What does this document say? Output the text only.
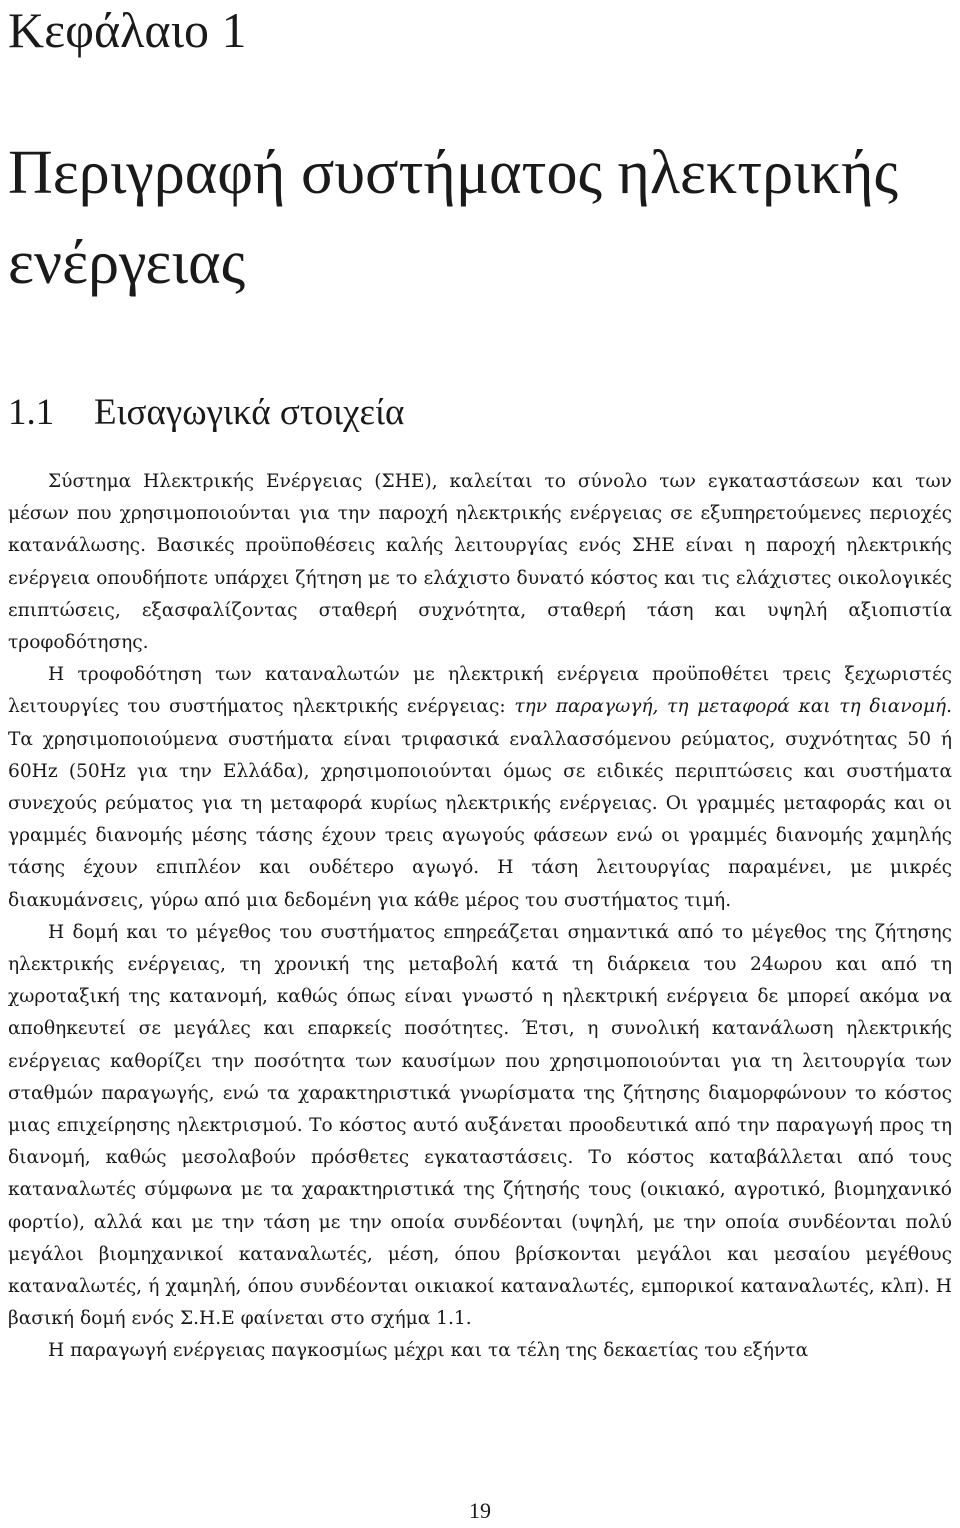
Κεφάλαιο 1
Περιγραφή συστήματος ηλεκτρικής ενέργειας
1.1 Εισαγωγικά στοιχεία

Σύστημα Ηλεκτρικής Ενέργειας (ΣΗΕ), καλείται το σύνολο των εγκαταστάσεων και των μέσων που χρησιμοποιούνται για την παροχή ηλεκτρικής ενέργειας σε εξυπηρετούμενες περιοχές κατανάλωσης. Βασικές προϋποθέσεις καλής λειτουργίας ενός ΣΗΕ είναι η παροχή ηλεκτρικής ενέργεια οπουδήποτε υπάρχει ζήτηση με το ελάχιστο δυνατό κόστος και τις ελάχιστες οικολογικές επιπτώσεις, εξασφαλίζοντας σταθερή συχνότητα, σταθερή τάση και υψηλή αξιοπιστία τροφοδότησης.

Η τροφοδότηση των καταναλωτών με ηλεκτρική ενέργεια προϋποθέτει τρεις ξεχωριστές λειτουργίες του συστήματος ηλεκτρικής ενέργειας: την παραγωγή, τη μεταφορά και τη διανομή. Τα χρησιμοποιούμενα συστήματα είναι τριφασικά εναλλασσόμενου ρεύματος, συχνότητας 50 ή 60Hz (50Hz για την Ελλάδα), χρησιμοποιούνται όμως σε ειδικές περιπτώσεις και συστήματα συνεχούς ρεύματος για τη μεταφορά κυρίως ηλεκτρικής ενέργειας. Οι γραμμές μεταφοράς και οι γραμμές διανομής μέσης τάσης έχουν τρεις αγωγούς φάσεων ενώ οι γραμμές διανομής χαμηλής τάσης έχουν επιπλέον και ουδέτερο αγωγό. Η τάση λειτουργίας παραμένει, με μικρές διακυμάνσεις, γύρω από μια δεδομένη για κάθε μέρος του συστήματος τιμή.

Η δομή και το μέγεθος του συστήματος επηρεάζεται σημαντικά από το μέγεθος της ζήτησης ηλεκτρικής ενέργειας, τη χρονική της μεταβολή κατά τη διάρκεια του 24ωρου και από τη χωροταξική της κατανομή, καθώς όπως είναι γνωστό η ηλεκτρική ενέργεια δε μπορεί ακόμα να αποθηκευτεί σε μεγάλες και επαρκείς ποσότητες. Έτσι, η συνολική κατανάλωση ηλεκτρικής ενέργειας καθορίζει την ποσότητα των καυσίμων που χρησιμοποιούνται για τη λειτουργία των σταθμών παραγωγής, ενώ τα χαρακτηριστικά γνωρίσματα της ζήτησης διαμορφώνουν το κόστος μιας επιχείρησης ηλεκτρισμού. Το κόστος αυτό αυξάνεται προοδευτικά από την παραγωγή προς τη διανομή, καθώς μεσολαβούν πρόσθετες εγκαταστάσεις. Το κόστος καταβάλλεται από τους καταναλωτές σύμφωνα με τα χαρακτηριστικά της ζήτησής τους (οικιακό, αγροτικό, βιομηχανικό φορτίο), αλλά και με την τάση με την οποία συνδέονται (υψηλή, με την οποία συνδέονται πολύ μεγάλοι βιομηχανικοί καταναλωτές, μέση, όπου βρίσκονται μεγάλοι και μεσαίου μεγέθους καταναλωτές, ή χαμηλή, όπου συνδέονται οικιακοί καταναλωτές, εμπορικοί καταναλωτές, κλπ). Η βασική δομή ενός Σ.Η.Ε φαίνεται στο σχήμα 1.1.

Η παραγωγή ενέργειας παγκοσμίως μέχρι και τα τέλη της δεκαετίας του εξήντα

19
